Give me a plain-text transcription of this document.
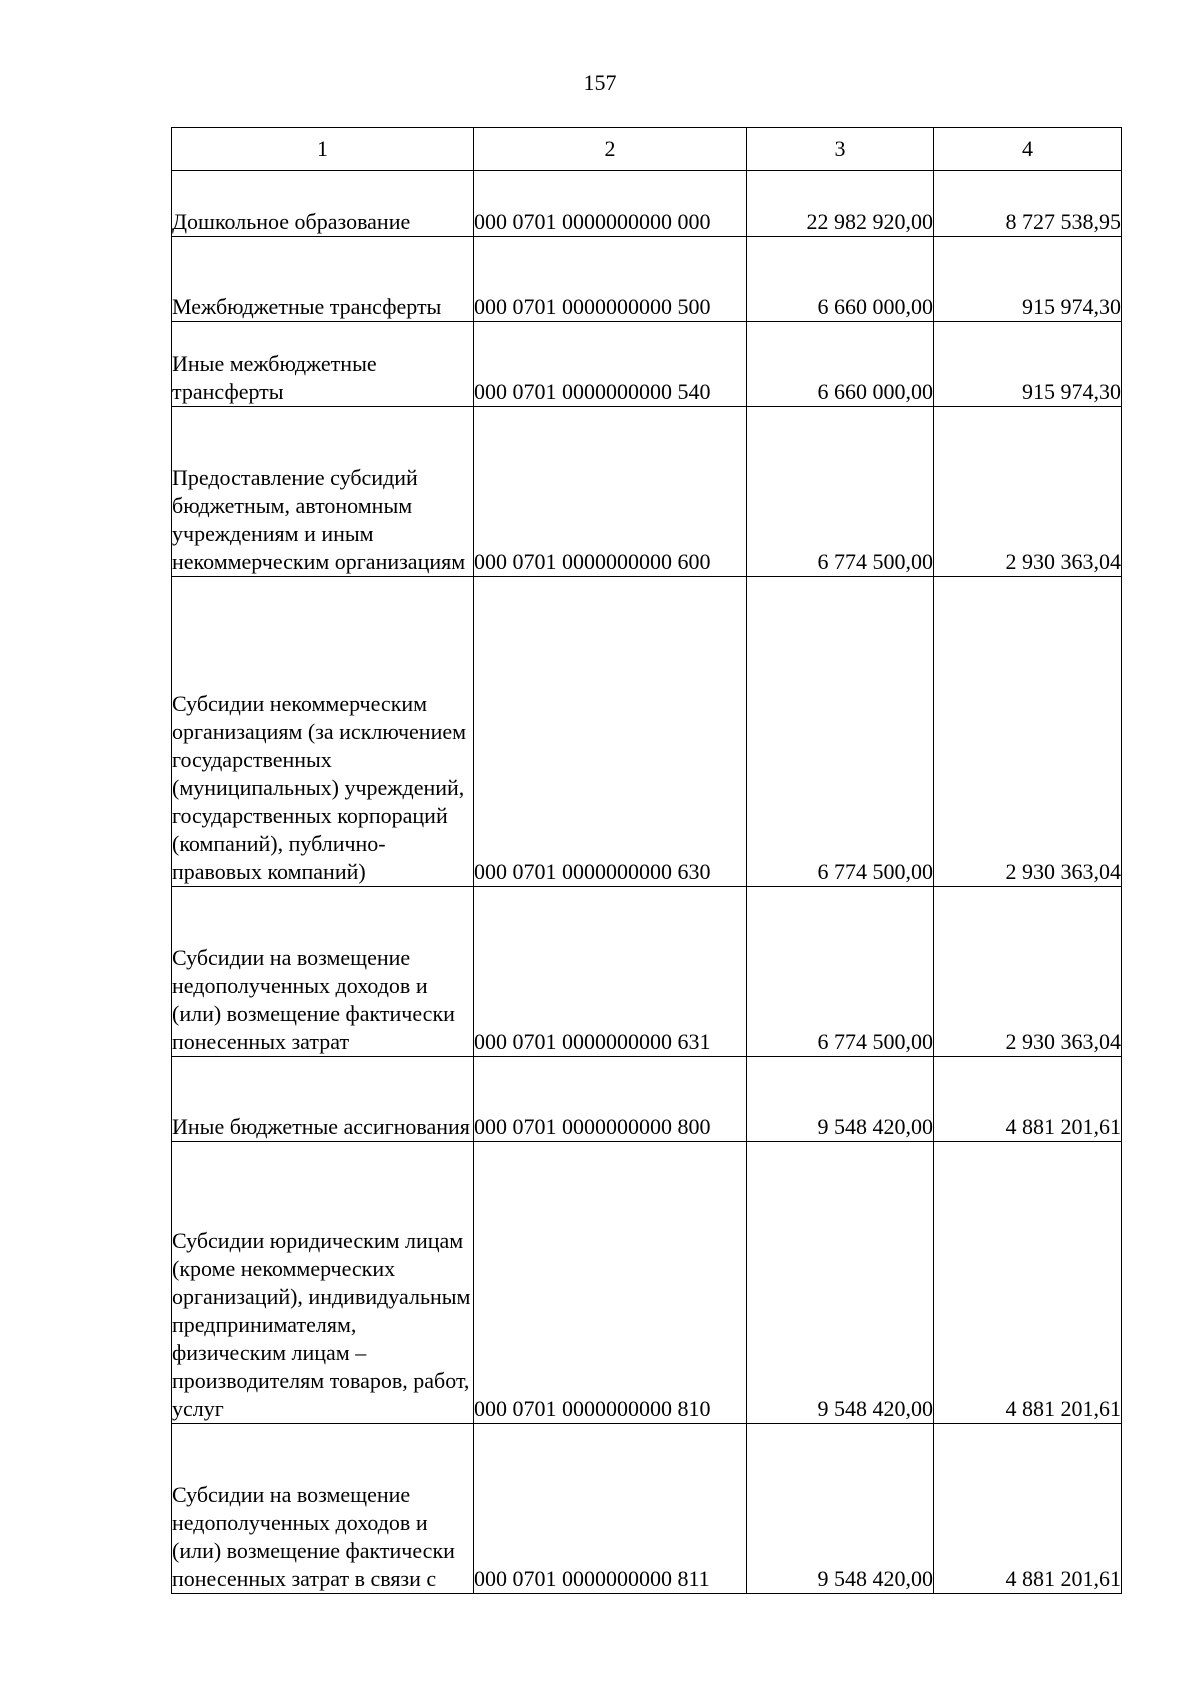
157
1	2	3	4
Дошкольное образование	000 0701 0000000000 000	22 982 920,00	8 727 538,95
Межбюджетные трансферты	000 0701 0000000000 500	6 660 000,00	915 974,30
Иные межбюджетные трансферты	000 0701 0000000000 540	6 660 000,00	915 974,30
Предоставление субсидий бюджетным, автономным учреждениям и иным некоммерческим организациям	000 0701 0000000000 600	6 774 500,00	2 930 363,04
Субсидии некоммерческим организациям (за исключением государственных (муниципальных) учреждений, государственных корпораций (компаний), публично-правовых компаний)	000 0701 0000000000 630	6 774 500,00	2 930 363,04
Субсидии на возмещение недополученных доходов и (или) возмещение фактически понесенных затрат	000 0701 0000000000 631	6 774 500,00	2 930 363,04
Иные бюджетные ассигнования	000 0701 0000000000 800	9 548 420,00	4 881 201,61
Субсидии юридическим лицам (кроме некоммерческих организаций), индивидуальным предпринимателям, физическим лицам – производителям товаров, работ, услуг	000 0701 0000000000 810	9 548 420,00	4 881 201,61
Субсидии на возмещение недополученных доходов и (или) возмещение фактически понесенных затрат в связи с	000 0701 0000000000 811	9 548 420,00	4 881 201,61
